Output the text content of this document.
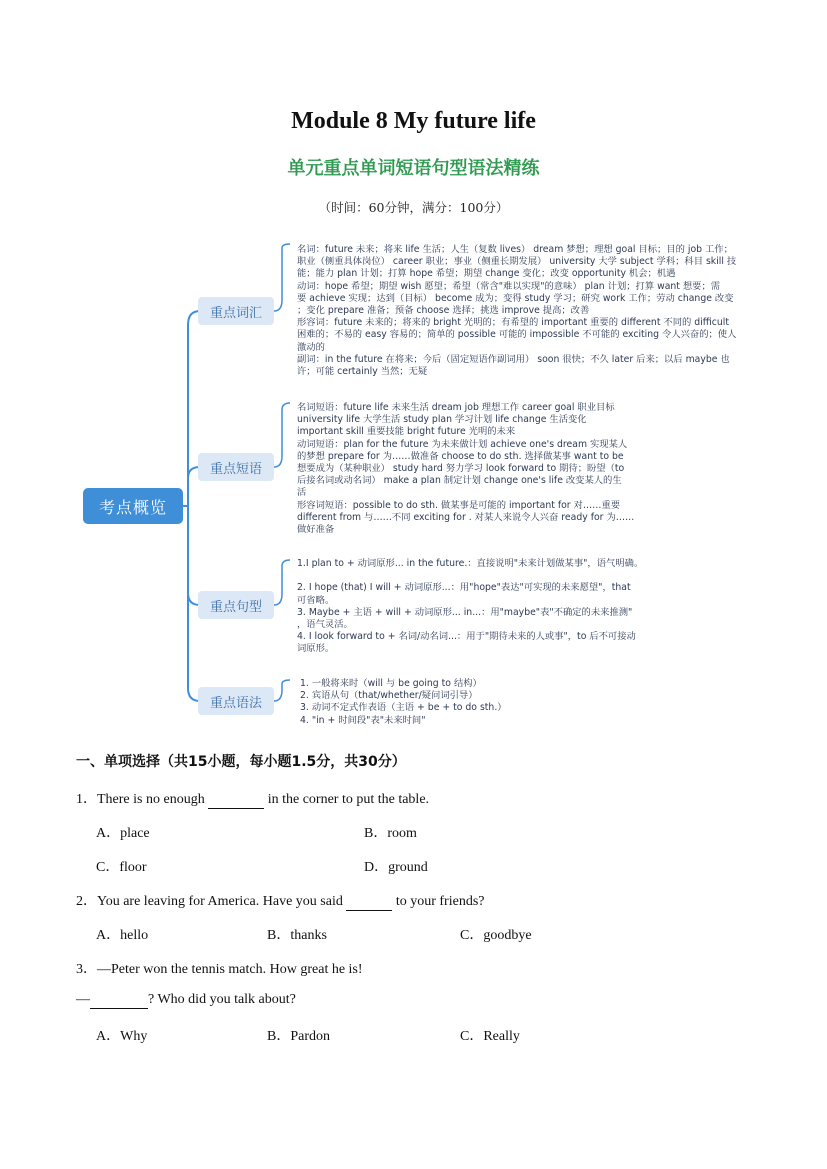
Module 8 My future life
单元重点单词短语句型语法精练
（时间：60分钟，满分：100分）
考点概览
重点词汇
重点短语
重点句型
重点语法

名词：future 未来；将来 life 生活；人生（复数 lives） dream 梦想；理想 goal 目标；目的 job 工作；

职业（侧重具体岗位） career 职业；事业（侧重长期发展） university 大学 subject 学科；科目 skill 技

能；能力 plan 计划；打算 hope 希望；期望 change 变化；改变 opportunity 机会；机遇

动词：hope 希望；期望 wish 愿望；希望（常含"难以实现"的意味） plan 计划；打算 want 想要；需

要 achieve 实现；达到（目标） become 成为；变得 study 学习；研究 work 工作；劳动 change 改变

；变化 prepare 准备；预备 choose 选择；挑选 improve 提高；改善

形容词：future 未来的；将来的 bright 光明的；有希望的 important 重要的 different 不同的 difficult

困难的；不易的 easy 容易的；简单的 possible 可能的 impossible 不可能的 exciting 令人兴奋的；使人

激动的

副词：in the future 在将来；今后（固定短语作副词用） soon 很快；不久 later 后来；以后 maybe 也

许；可能 certainly 当然；无疑

名词短语：future life 未来生活 dream job 理想工作 career goal 职业目标

university life 大学生活 study plan 学习计划 life change 生活变化

important skill 重要技能 bright future 光明的未来

动词短语：plan for the future 为未来做计划 achieve one's dream 实现某人

的梦想 prepare for 为……做准备 choose to do sth. 选择做某事 want to be

想要成为（某种职业） study hard 努力学习 look forward to 期待；盼望（to

后接名词或动名词） make a plan 制定计划 change one's life 改变某人的生

活

形容词短语：possible to do sth. 做某事是可能的 important for 对……重要

different from 与……不同 exciting for . 对某人来说令人兴奋 ready for 为……

做好准备

1.I plan to + 动词原形... in the future.：直接说明"未来计划做某事"，语气明确。

2. I hope (that) I will + 动词原形...：用"hope"表达"可实现的未来愿望"，that

可省略。

3. Maybe + 主语 + will + 动词原形... in...：用"maybe"表"不确定的未来推测"

，语气灵活。

4. I look forward to + 名词/动名词...：用于"期待未来的人或事"，to 后不可接动

词原形。

1. 一般将来时（will 与 be going to 结构）

2. 宾语从句（that/whether/疑问词引导）

3. 动词不定式作表语（主语 + be + to do sth.）

4. "in + 时间段"表"未来时间"

一、单项选择（共15小题，每小题1.5分，共30分）
1．There is no enough	in the corner to put the table.
A．place	B．room
C．floor	D．ground
2．You are leaving for America. Have you said	to your friends?
A．hello	B．thanks	C．goodbye
3．—Peter won the tennis match. How great he is!
—	? Who did you talk about?
A．Why	B．Pardon	C．Really
